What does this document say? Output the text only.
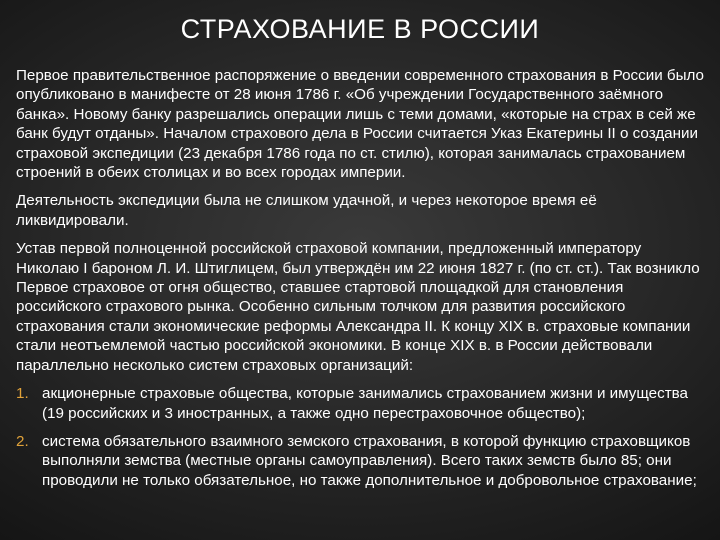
СТРАХОВАНИЕ В РОССИИ

Первое правительственное распоряжение о введении современного страхования в России было опубликовано в манифесте от 28 июня 1786 г. «Об учреждении Государственного заёмного банка». Новому банку разрешались операции лишь с теми домами, «которые на страх в сей же банк будут отданы». Началом страхового дела в России считается Указ Екатерины II о создании страховой экспедиции (23 декабря 1786 года по ст. стилю), которая занималась страхованием строений в обеих столицах и во всех городах империи.

Деятельность экспедиции была не слишком удачной, и через некоторое время её ликвидировали.

Устав первой полноценной российской страховой компании, предложенный императору Николаю I бароном Л. И. Штиглицем, был утверждён им 22 июня 1827 г. (по ст. ст.). Так возникло Первое страховое от огня общество, ставшее стартовой площадкой для становления российского страхового рынка. Особенно сильным толчком для развития российского страхования стали экономические реформы Александра II. К концу XIX в. страховые компании стали неотъемлемой частью российской экономики. В конце XIX в. в России действовали параллельно несколько систем страховых организаций:

1. акционерные страховые общества, которые занимались страхованием жизни и имущества (19 российских и 3 иностранных, а также одно перестраховочное общество);
2. система обязательного взаимного земского страхования, в которой функцию страховщиков выполняли земства (местные органы самоуправления). Всего таких земств было 85; они проводили не только обязательное, но также дополнительное и добровольное страхование;
